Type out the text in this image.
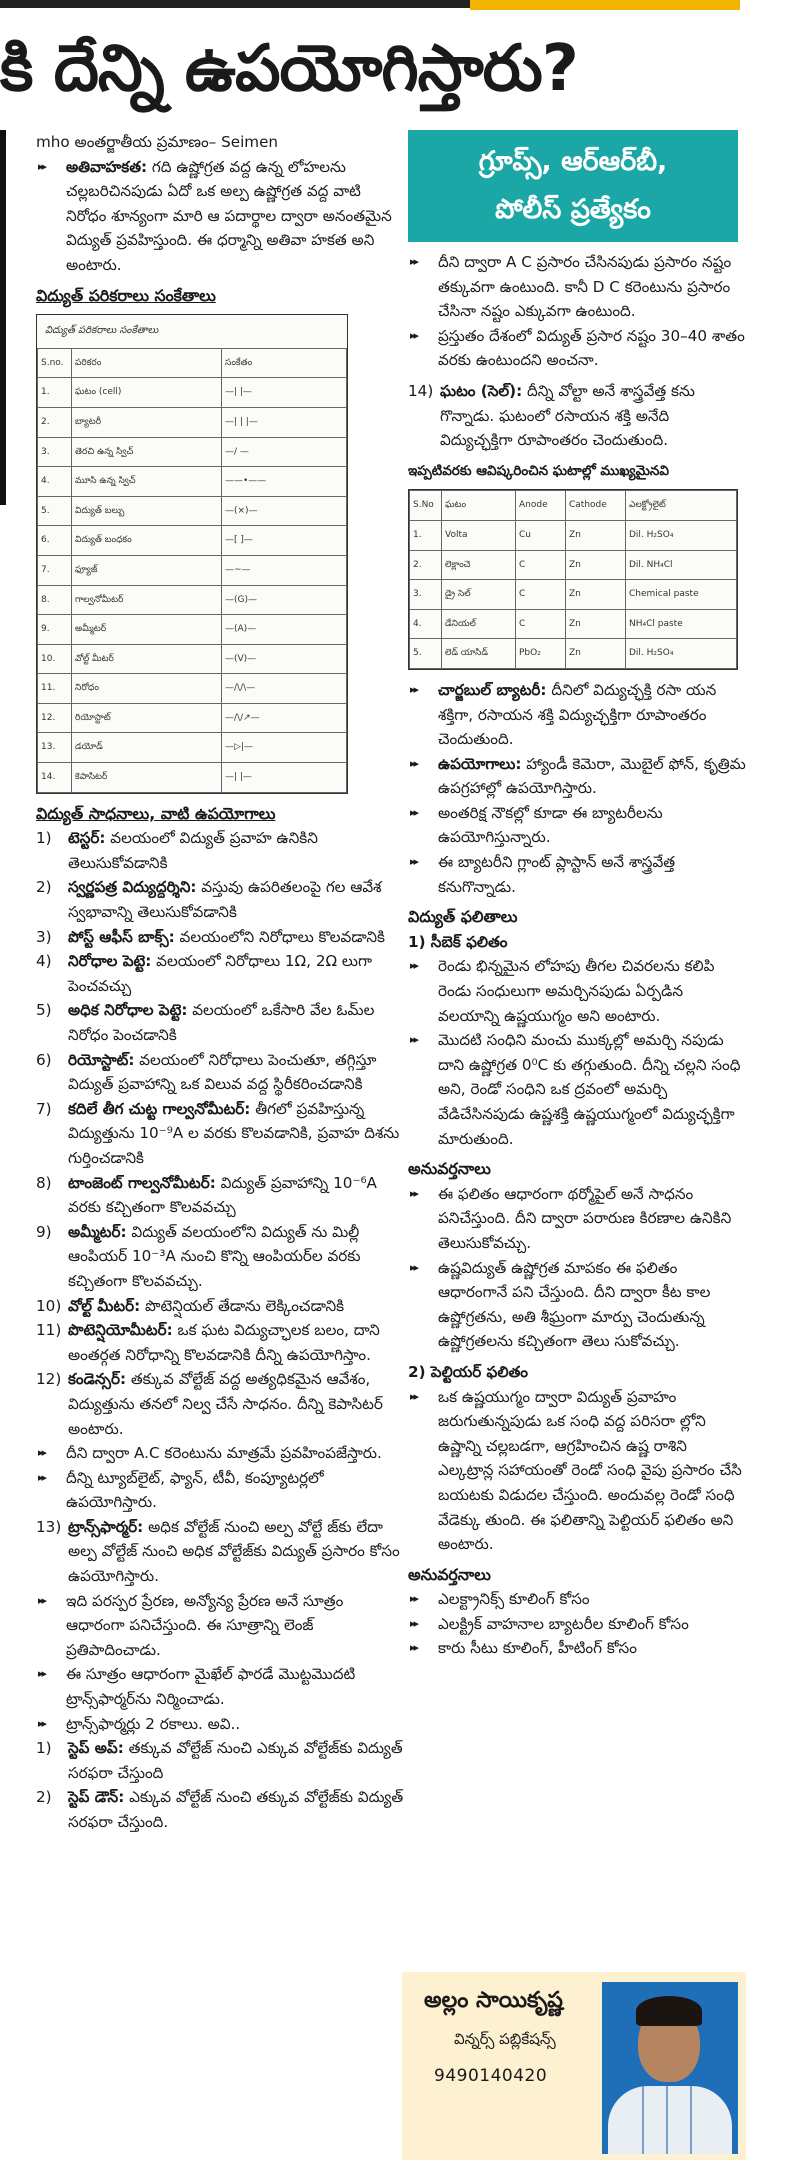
కి దేన్ని ఉపయోగిస్తారు?
mho అంతర్జాతీయ ప్రమాణం– Seimen
▸▸ అతివాహకత: గది ఉష్ణోగ్రత వద్ద ఉన్న లోహలను చల్లబరిచినపుడు ఏదో ఒక అల్ప ఉష్ణోగ్రత వద్ద వాటి నిరోధం శూన్యంగా మారి ఆ పదార్థాల ద్వారా అనంతమైన విద్యుత్ ప్రవహిస్తుంది. ఈ ధర్మాన్ని అతివా హకత అని అంటారు.
విద్యుత్ పరికరాలు సంకేతాలు
విద్యుత్ పరికరాలు సంకేతాలు
S.no.	పరికరం	సంకేతం
1.	ఘటం (cell)	—| |—
2.	బ్యాటరీ	—| | |—
3.	తెరచి ఉన్న స్విచ్	—/ —
4.	మూసి ఉన్న స్విచ్	——•——
5.	విద్యుత్ బల్బు	—(×)—
6.	విద్యుత్ బంధకం	—[ ]—
7.	ఫ్యూజ్	—~—
8.	గాల్వనోమీటర్	—(G)—
9.	అమ్మీటర్	—(A)—
10.	వోల్ట్ మీటర్	—(V)—
11.	నిరోధం	—/\/\—
12.	రియోస్టాట్	—/\/↗—
13.	డయోడ్	—▷|—
14.	కెపాసిటర్	—| |—
విద్యుత్ సాధనాలు, వాటి ఉపయోగాలు
1) టెస్టర్: వలయంలో విద్యుత్ ప్రవాహ ఉనికిని తెలుసుకోవడానికి
2) స్వర్ణపత్ర విద్యుద్దర్శిని: వస్తువు ఉపరితలంపై గల ఆవేశ స్వభావాన్ని తెలుసుకోవడానికి
3) పోస్ట్ ఆఫీస్ బాక్స్: వలయంలోని నిరోధాలు కొలవడానికి
4) నిరోధాల పెట్టె: వలయంలో నిరోధాలు 1Ω, 2Ω లుగా పెంచవచ్చు
5) అధిక నిరోధాల పెట్టె: వలయంలో ఒకేసారి వేల ఓమ్‌ల నిరోధం పెంచడానికి
6) రియోస్టాట్: వలయంలో నిరోధాలు పెంచుతూ, తగ్గిస్తూ విద్యుత్ ప్రవాహాన్ని ఒక విలువ వద్ద స్థిరీకరించడానికి
7) కదిలే తీగ చుట్ట గాల్వనోమీటర్: తీగలో ప్రవహిస్తున్న విద్యుత్తును 10⁻⁹A ల వరకు కొలవడానికి, ప్రవాహ దిశను గుర్తించడానికి
8) టాంజెంట్ గాల్వనోమీటర్: విద్యుత్ ప్రవాహాన్ని 10⁻⁶A వరకు కచ్చితంగా కొలవవచ్చు
9) అమ్మీటర్: విద్యుత్ వలయంలోని విద్యుత్ ను మిల్లీ ఆంపియర్ 10⁻³A నుంచి కొన్ని ఆంపియర్‌ల వరకు కచ్చితంగా కొలవవచ్చు.
10) వోల్ట్ మీటర్: పొటెన్షియల్ తేడాను లెక్కించడానికి
11) పొటెన్షియోమీటర్: ఒక ఘట విద్యుచ్ఛాలక బలం, దాని అంతర్గత నిరోధాన్ని కొలవడానికి దీన్ని ఉపయోగిస్తాం.
12) కండెన్సర్: తక్కువ వోల్టేజ్ వద్ద అత్యధికమైన ఆవేశం, విద్యుత్తును తనలో నిల్వ చేసే సాధనం. దీన్ని కెపాసిటర్ అంటారు.
▸▸ దీని ద్వారా A.C కరెంటును మాత్రమే ప్రవహింపజేస్తారు.
▸▸ దీన్ని ట్యూబ్‌లైట్, ఫ్యాన్, టీవీ, కంప్యూటర్లలో ఉపయోగిస్తారు.
13) ట్రాన్స్‌ఫార్మర్: అధిక వోల్టేజ్ నుంచి అల్ప వోల్టే జ్‌కు లేదా అల్ప వోల్టేజ్ నుంచి అధిక వోల్టేజ్‌కు విద్యుత్ ప్రసారం కోసం ఉపయోగిస్తారు.
▸▸ ఇది పరస్పర ప్రేరణ, అన్యోన్య ప్రేరణ అనే సూత్రం ఆధారంగా పనిచేస్తుంది. ఈ సూత్రాన్ని లెంజ్ ప్రతిపాదించాడు.
▸▸ ఈ సూత్రం ఆధారంగా మైఖేల్ ఫారడే మొట్టమొదటి ట్రాన్స్‌ఫార్మర్‌ను నిర్మించాడు.
▸▸ ట్రాన్స్‌ఫార్మర్లు 2 రకాలు. అవి..
1) స్టెప్ అప్: తక్కువ వోల్టేజ్ నుంచి ఎక్కువ వోల్టేజ్‌కు విద్యుత్ సరఫరా చేస్తుంది
2) స్టెప్ డౌన్: ఎక్కువ వోల్టేజ్ నుంచి తక్కువ వోల్టేజ్‌కు విద్యుత్ సరఫరా చేస్తుంది.
గ్రూప్స్, ఆర్ఆర్‌బీ,
పోలీస్ ప్రత్యేకం
▸▸ దీని ద్వారా A C ప్రసారం చేసినపుడు ప్రసారం నష్టం తక్కువగా ఉంటుంది. కానీ D C కరెంటును ప్రసారం చేసినా నష్టం ఎక్కువగా ఉంటుంది.
▸▸ ప్రస్తుతం దేశంలో విద్యుత్ ప్రసార నష్టం 30–40 శాతం వరకు ఉంటుందని అంచనా.
14) ఘటం (సెల్): దీన్ని వోల్టా అనే శాస్త్రవేత్త కను గొన్నాడు. ఘటంలో రసాయన శక్తి అనేది విద్యుచ్ఛక్తిగా రూపాంతరం చెందుతుంది.
ఇప్పటివరకు ఆవిష్కరించిన ఘటాల్లో ముఖ్యమైనవి
S.No	ఘటం	Anode	Cathode	ఎలక్ట్రోలైట్
1.	Volta	Cu	Zn	Dil. H₂SO₄
2.	లెక్లాంచె	C	Zn	Dil. NH₄Cl
3.	డ్రై సెల్	C	Zn	Chemical paste
4.	డేనియల్	C	Zn	NH₄Cl paste
5.	లెడ్ యాసిడ్	PbO₂	Zn	Dil. H₂SO₄
▸▸ చార్జబుల్ బ్యాటరీ: దీనిలో విద్యుచ్ఛక్తి రసా యన శక్తిగా, రసాయన శక్తి విద్యుచ్ఛక్తిగా రూపాంతరం చెందుతుంది.
▸▸ ఉపయోగాలు: హ్యాండీ కెమెరా, మొబైల్ ఫోన్, కృత్రిమ ఉపగ్రహాల్లో ఉపయోగిస్తారు.
▸▸ అంతరిక్ష నౌకల్లో కూడా ఈ బ్యాటరీలను ఉపయోగిస్తున్నారు.
▸▸ ఈ బ్యాటరీని గ్లాంట్ ప్లాస్టాన్ అనే శాస్త్రవేత్త కనుగొన్నాడు.
విద్యుత్ ఫలితాలు
1) సీబెక్ ఫలితం
▸▸ రెండు భిన్నమైన లోహపు తీగల చివరలను కలిపి రెండు సంధులుగా అమర్చినపుడు ఏర్పడిన వలయాన్ని ఉష్ణయుగ్మం అని అంటారు.
▸▸ మొదటి సంధిని మంచు ముక్కల్లో అమర్చి నపుడు దాని ఉష్ణోగ్రత 0⁰C కు తగ్గుతుంది. దీన్ని చల్లని సంధి అని, రెండో సంధిని ఒక ద్రవంలో అమర్చి వేడిచేసినపుడు ఉష్ణశక్తి ఉష్ణయుగ్మంలో విద్యుచ్ఛక్తిగా మారుతుంది.
అనువర్తనాలు
▸▸ ఈ ఫలితం ఆధారంగా థర్మోపైల్ అనే సాధనం పనిచేస్తుంది. దీని ద్వారా పరారుణ కిరణాల ఉనికిని తెలుసుకోవచ్చు.
▸▸ ఉష్ణవిద్యుత్ ఉష్ణోగ్రత మాపకం ఈ ఫలితం ఆధారంగానే పని చేస్తుంది. దీని ద్వారా కీట కాల ఉష్ణోగ్రతను, అతి శీఘ్రంగా మార్పు చెందుతున్న ఉష్ణోగ్రతలను కచ్చితంగా తెలు సుకోవచ్చు.
2) పెల్టియర్ ఫలితం
▸▸ ఒక ఉష్ణయుగ్మం ద్వారా విద్యుత్ ప్రవాహం జరుగుతున్నపుడు ఒక సంధి వద్ద పరిసరా ల్లోని ఉష్ణాన్ని చల్లబడగా, ఆగ్రహించిన ఉష్ణ రాశిని ఎల్కట్రాన్ల సహాయంతో రెండో సంధి వైపు ప్రసారం చేసి బయటకు విడుదల చేస్తుంది. అందువల్ల రెండో సంధి వేడెక్కు తుంది. ఈ ఫలితాన్ని పెల్టియర్ ఫలితం అని అంటారు.
అనువర్తనాలు
▸▸ ఎలక్ట్రానిక్స్ కూలింగ్ కోసం
▸▸ ఎలక్ట్రిక్ వాహనాల బ్యాటరీల కూలింగ్ కోసం
▸▸ కారు సీటు కూలింగ్, హీటింగ్ కోసం
అల్లం సాయికృష్ణ
విన్నర్స్ పబ్లికేషన్స్
9490140420
